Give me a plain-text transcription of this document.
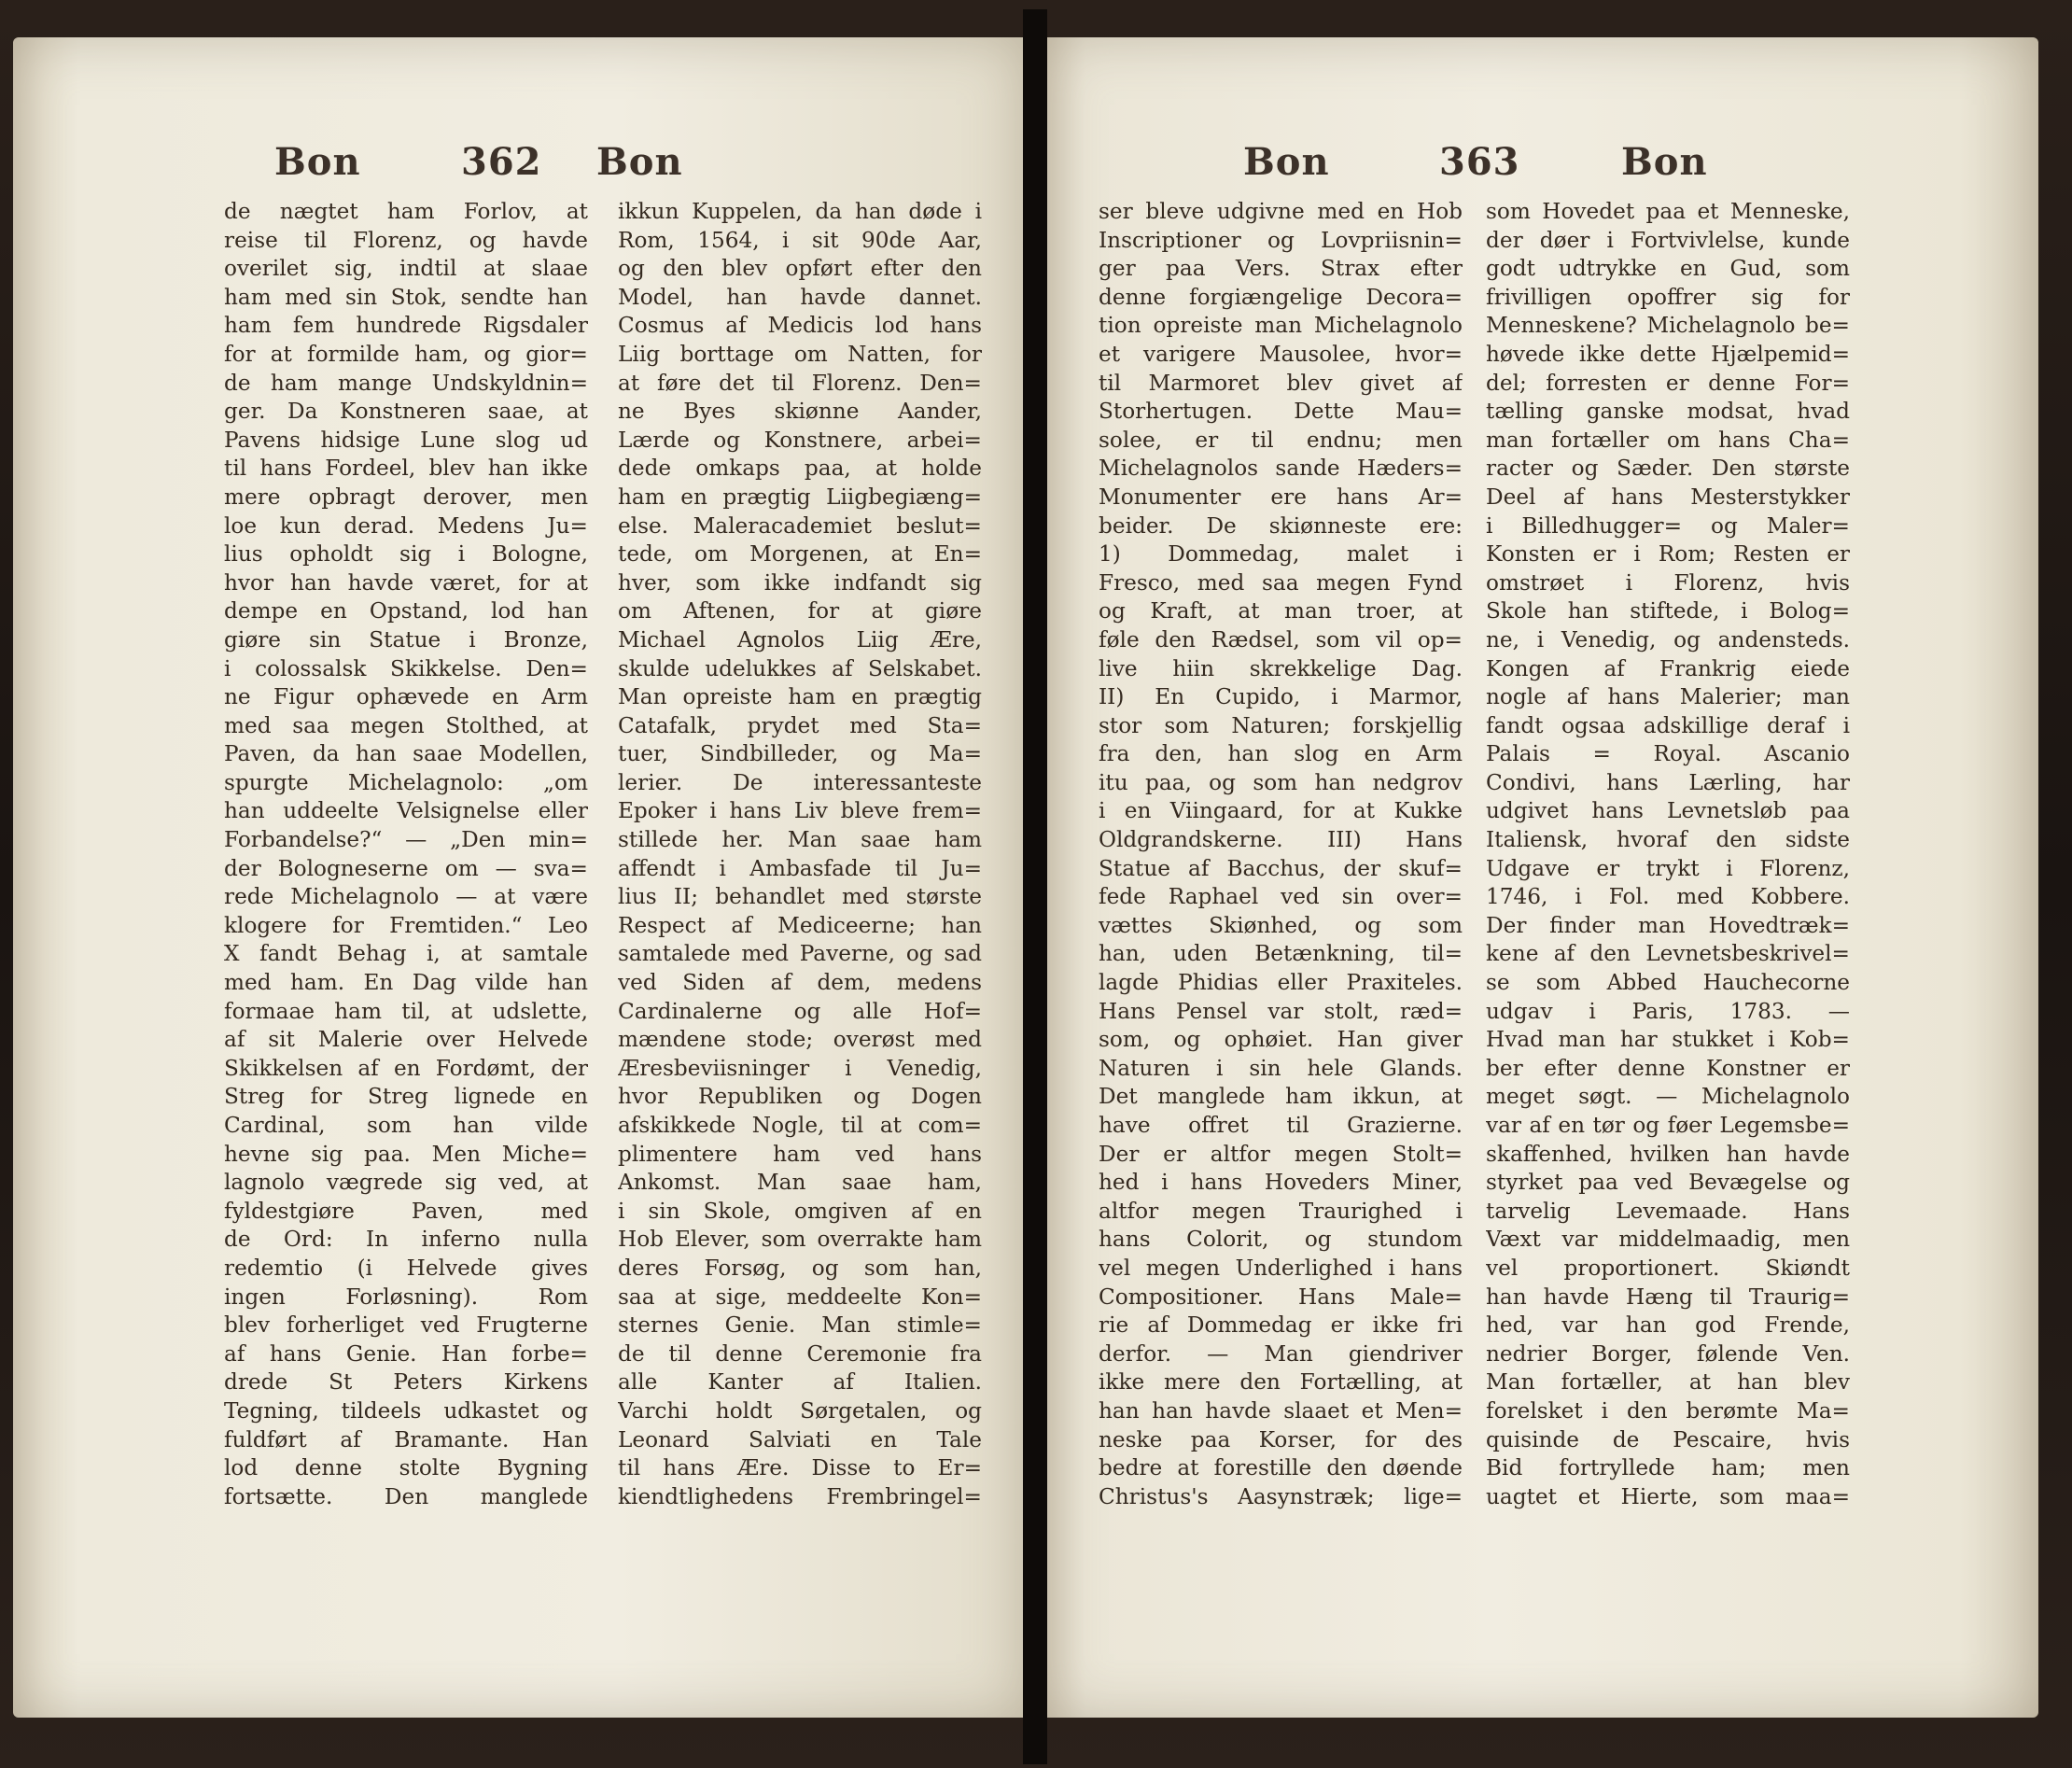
Bon	362 Bon

de nægtet ham Forlov, at

reise til Florenz, og havde

overilet sig, indtil at slaae

ham med sin Stok, sendte han

ham fem hundrede Rigsdaler

for at formilde ham, og gior=

de ham mange Undskyldnin=

ger. Da Konstneren saae, at

Pavens hidsige Lune slog ud

til hans Fordeel, blev han ikke

mere opbragt derover, men

loe kun derad. Medens Ju=

lius opholdt sig i Bologne,

hvor han havde været, for at

dempe en Opstand, lod han

giøre sin Statue i Bronze,

i colossalsk Skikkelse. Den=

ne Figur ophævede en Arm

med saa megen Stolthed, at

Paven, da han saae Modellen,

spurgte Michelagnolo: „om

han uddeelte Velsignelse eller

Forbandelse?“ — „Den min=

der Bologneserne om — sva=

rede Michelagnolo — at være

klogere for Fremtiden.“ Leo

X fandt Behag i, at samtale

med ham. En Dag vilde han

formaae ham til, at udslette,

af sit Malerie over Helvede

Skikkelsen af en Fordømt, der

Streg for Streg lignede en

Cardinal, som han vilde

hevne sig paa. Men Miche=

lagnolo vægrede sig ved, at

fyldestgiøre Paven, med

de Ord: In inferno nulla

redemtio (i Helvede gives

ingen Forløsning). Rom

blev forherliget ved Frugterne

af hans Genie. Han forbe=

drede St Peters Kirkens

Tegning, tildeels udkastet og

fuldført af Bramante. Han

lod denne stolte Bygning

fortsætte. Den manglede

ikkun Kuppelen, da han døde i

Rom, 1564, i sit 90de Aar,

og den blev opført efter den

Model, han havde dannet.

Cosmus af Medicis lod hans

Liig borttage om Natten, for

at føre det til Florenz. Den=

ne Byes skiønne Aander,

Lærde og Konstnere, arbei=

dede omkaps paa, at holde

ham en prægtig Liigbegiæng=

else. Maleracademiet beslut=

tede, om Morgenen, at En=

hver, som ikke indfandt sig

om Aftenen, for at giøre

Michael Agnolos Liig Ære,

skulde udelukkes af Selskabet.

Man opreiste ham en prægtig

Catafalk, prydet med Sta=

tuer, Sindbilleder, og Ma=

lerier. De interessanteste

Epoker i hans Liv bleve frem=

stillede her. Man saae ham

affendt i Ambasfade til Ju=

lius II; behandlet med største

Respect af Mediceerne; han

samtalede med Paverne, og sad

ved Siden af dem, medens

Cardinalerne og alle Hof=

mændene stode; overøst med

Æresbeviisninger i Venedig,

hvor Republiken og Dogen

afskikkede Nogle, til at com=

plimentere ham ved hans

Ankomst. Man saae ham,

i sin Skole, omgiven af en

Hob Elever, som overrakte ham

deres Forsøg, og som han,

saa at sige, meddeelte Kon=

sternes Genie. Man stimle=

de til denne Ceremonie fra

alle Kanter af Italien.

Varchi holdt Sørgetalen, og

Leonard Salviati en Tale

til hans Ære. Disse to Er=

kiendtlighedens Frembringel=

Bon	363	Bon

ser bleve udgivne med en Hob

Inscriptioner og Lovpriisnin=

ger paa Vers. Strax efter

denne forgiængelige Decora=

tion opreiste man Michelagnolo

et varigere Mausolee, hvor=

til Marmoret blev givet af

Storhertugen. Dette Mau=

solee, er til endnu; men

Michelagnolos sande Hæders=

Monumenter ere hans Ar=

beider. De skiønneste ere:

1) Dommedag, malet i

Fresco, med saa megen Fynd

og Kraft, at man troer, at

føle den Rædsel, som vil op=

live hiin skrekkelige Dag.

II) En Cupido, i Marmor,

stor som Naturen; forskjellig

fra den, han slog en Arm

itu paa, og som han nedgrov

i en Viingaard, for at Kukke

Oldgrandskerne. III) Hans

Statue af Bacchus, der skuf=

fede Raphael ved sin over=

vættes Skiønhed, og som

han, uden Betænkning, til=

lagde Phidias eller Praxiteles.

Hans Pensel var stolt, ræd=

som, og ophøiet. Han giver

Naturen i sin hele Glands.

Det manglede ham ikkun, at

have offret til Grazierne.

Der er altfor megen Stolt=

hed i hans Hoveders Miner,

altfor megen Traurighed i

hans Colorit, og stundom

vel megen Underlighed i hans

Compositioner. Hans Male=

rie af Dommedag er ikke fri

derfor. — Man giendriver

ikke mere den Fortælling, at

han han havde slaaet et Men=

neske paa Korser, for des

bedre at forestille den døende

Christus's Aasynstræk; lige=

som Hovedet paa et Menneske,

der døer i Fortvivlelse, kunde

godt udtrykke en Gud, som

frivilligen opoffrer sig for

Menneskene? Michelagnolo be=

høvede ikke dette Hjælpemid=

del; forresten er denne For=

tælling ganske modsat, hvad

man fortæller om hans Cha=

racter og Sæder. Den største

Deel af hans Mesterstykker

i Billedhugger= og Maler=

Konsten er i Rom; Resten er

omstrøet i Florenz, hvis

Skole han stiftede, i Bolog=

ne, i Venedig, og andensteds.

Kongen af Frankrig eiede

nogle af hans Malerier; man

fandt ogsaa adskillige deraf i

Palais = Royal. Ascanio

Condivi, hans Lærling, har

udgivet hans Levnetsløb paa

Italiensk, hvoraf den sidste

Udgave er trykt i Florenz,

1746, i Fol. med Kobbere.

Der finder man Hovedtræk=

kene af den Levnetsbeskrivel=

se som Abbed Hauchecorne

udgav i Paris, 1783. —

Hvad man har stukket i Kob=

ber efter denne Konstner er

meget søgt. — Michelagnolo

var af en tør og føer Legemsbe=

skaffenhed, hvilken han havde

styrket paa ved Bevægelse og

tarvelig Levemaade. Hans

Væxt var middelmaadig, men

vel proportionert. Skiøndt

han havde Hæng til Traurig=

hed, var han god Frende,

nedrier Borger, følende Ven.

Man fortæller, at han blev

forelsket i den berømte Ma=

quisinde de Pescaire, hvis

Bid fortryllede ham; men

uagtet et Hierte, som maa=
